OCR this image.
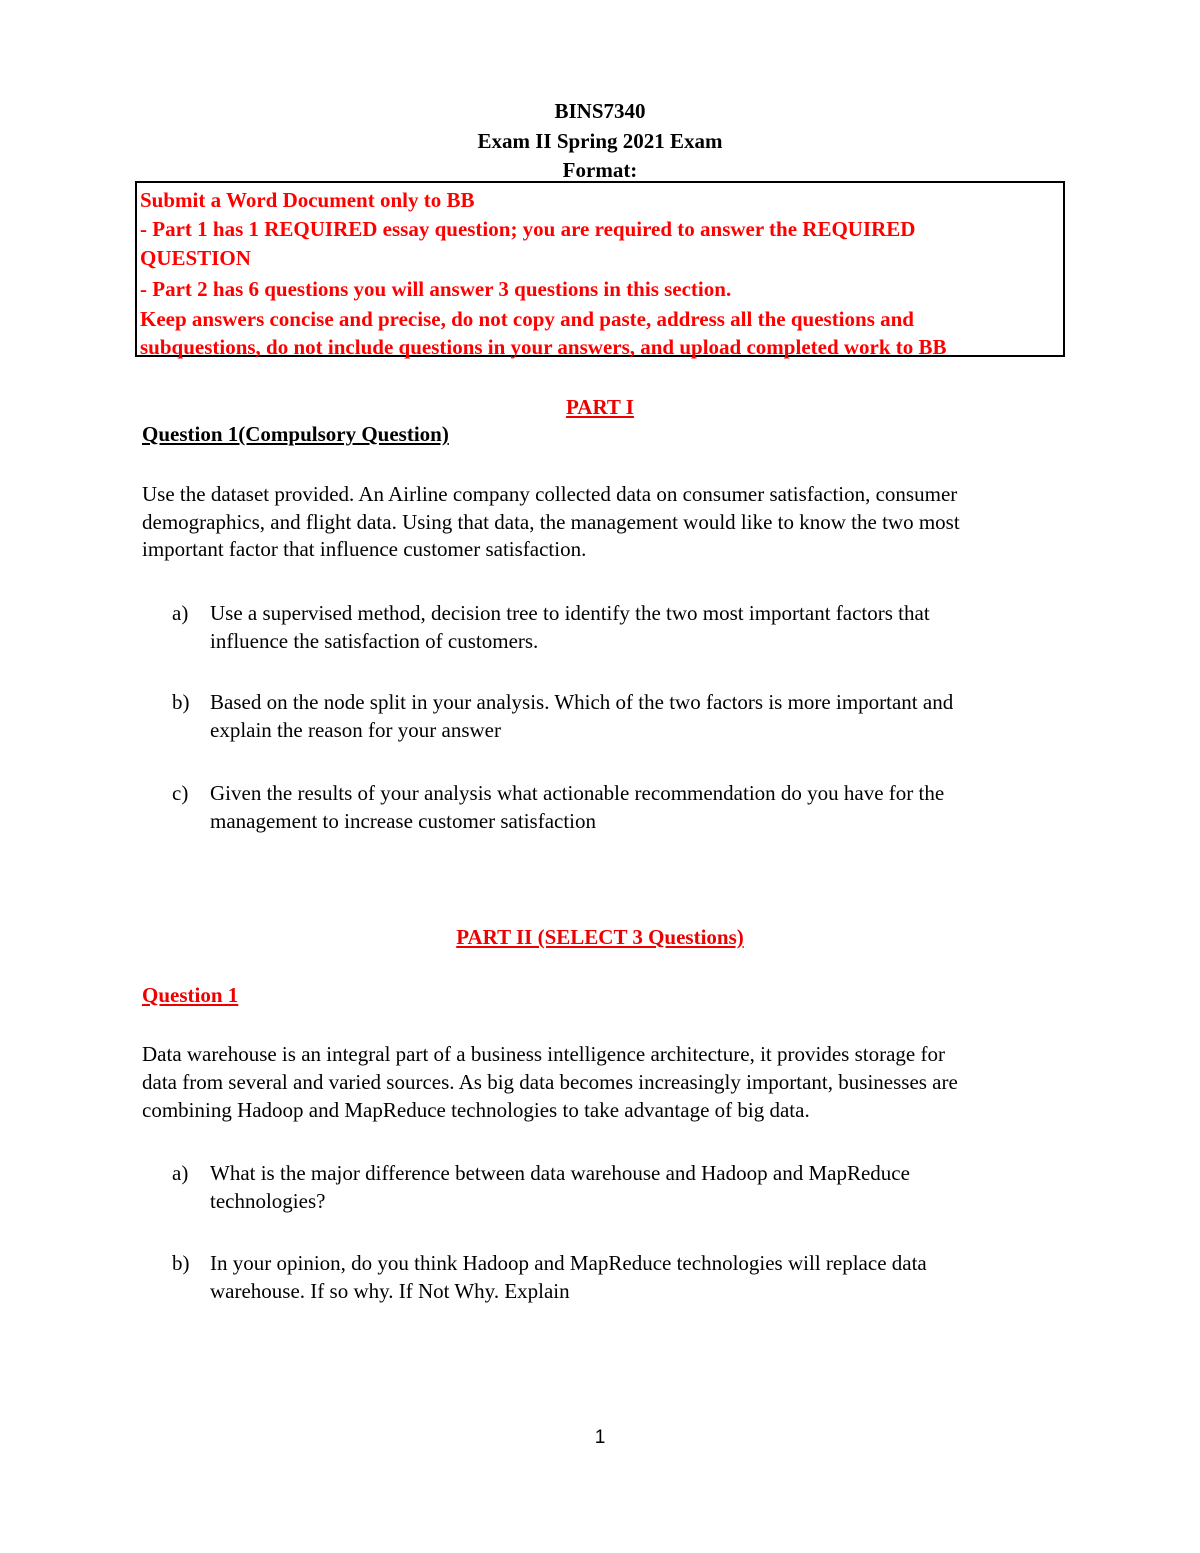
BINS7340
Exam II Spring 2021 Exam
Format:
Submit a Word Document only to BB
- Part 1 has 1 REQUIRED essay question; you are required to answer the REQUIRED
QUESTION
- Part 2 has 6 questions you will answer 3 questions in this section.
Keep answers concise and precise, do not copy and paste, address all the questions and
subquestions, do not include questions in your answers, and upload completed work to BB
PART I
Question 1(Compulsory Question)
Use the dataset provided. An Airline company collected data on consumer satisfaction, consumer
demographics, and flight data. Using that data, the management would like to know the two most
important factor that influence customer satisfaction.
a) Use a supervised method, decision tree to identify the two most important factors that
influence the satisfaction of customers.
b) Based on the node split in your analysis. Which of the two factors is more important and
explain the reason for your answer
c) Given the results of your analysis what actionable recommendation do you have for the
management to increase customer satisfaction
PART II (SELECT 3 Questions)
Question 1
Data warehouse is an integral part of a business intelligence architecture, it provides storage for
data from several and varied sources. As big data becomes increasingly important, businesses are
combining Hadoop and MapReduce technologies to take advantage of big data.
a) What is the major difference between data warehouse and Hadoop and MapReduce
technologies?
b) In your opinion, do you think Hadoop and MapReduce technologies will replace data
warehouse. If so why. If Not Why. Explain
1
